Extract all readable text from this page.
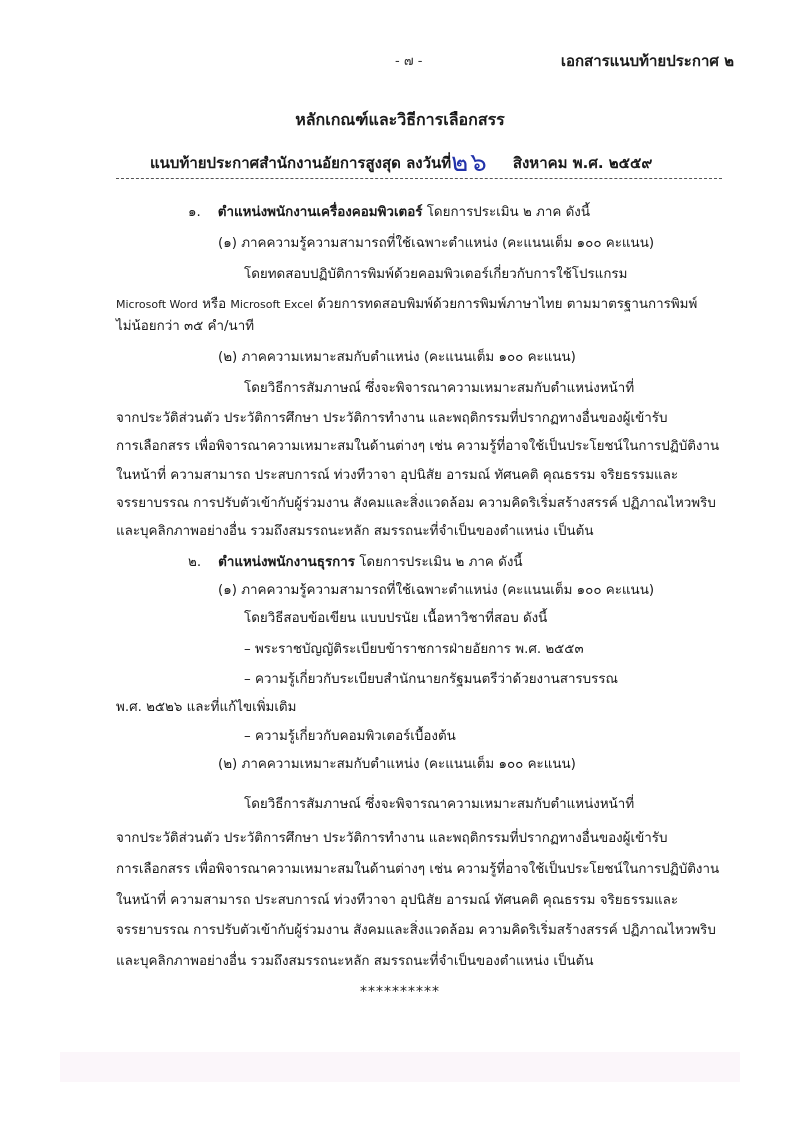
- ๗ -	เอกสารแนบท้ายประกาศ ๒
หลักเกณฑ์และวิธีการเลือกสรร
แนบท้ายประกาศสำนักงานอัยการสูงสุด ลงวันที่๒๖ สิงหาคม พ.ศ. ๒๕๕๙
๑. ตำแหน่งพนักงานเครื่องคอมพิวเตอร์ โดยการประเมิน ๒ ภาค ดังนี้
(๑) ภาคความรู้ความสามารถที่ใช้เฉพาะตำแหน่ง (คะแนนเต็ม ๑๐๐ คะแนน)
โดยทดสอบปฏิบัติการพิมพ์ด้วยคอมพิวเตอร์เกี่ยวกับการใช้โปรแกรม
Microsoft Word หรือ Microsoft Excel ด้วยการทดสอบพิมพ์ด้วยการพิมพ์ภาษาไทย ตามมาตรฐานการพิมพ์
ไม่น้อยกว่า ๓๕ คำ/นาที
(๒) ภาคความเหมาะสมกับตำแหน่ง (คะแนนเต็ม ๑๐๐ คะแนน)
โดยวิธีการสัมภาษณ์ ซึ่งจะพิจารณาความเหมาะสมกับตำแหน่งหน้าที่
จากประวัติส่วนตัว ประวัติการศึกษา ประวัติการทำงาน และพฤติกรรมที่ปรากฏทางอื่นของผู้เข้ารับ
การเลือกสรร เพื่อพิจารณาความเหมาะสมในด้านต่างๆ เช่น ความรู้ที่อาจใช้เป็นประโยชน์ในการปฏิบัติงาน
ในหน้าที่ ความสามารถ ประสบการณ์ ท่วงทีวาจา อุปนิสัย อารมณ์ ทัศนคติ คุณธรรม จริยธรรมและ
จรรยาบรรณ การปรับตัวเข้ากับผู้ร่วมงาน สังคมและสิ่งแวดล้อม ความคิดริเริ่มสร้างสรรค์ ปฏิภาณไหวพริบ
และบุคลิกภาพอย่างอื่น รวมถึงสมรรถนะหลัก สมรรถนะที่จำเป็นของตำแหน่ง เป็นต้น
๒. ตำแหน่งพนักงานธุรการ โดยการประเมิน ๒ ภาค ดังนี้
(๑) ภาคความรู้ความสามารถที่ใช้เฉพาะตำแหน่ง (คะแนนเต็ม ๑๐๐ คะแนน)
โดยวิธีสอบข้อเขียน แบบปรนัย เนื้อหาวิชาที่สอบ ดังนี้
– พระราชบัญญัติระเบียบข้าราชการฝ่ายอัยการ พ.ศ. ๒๕๕๓
– ความรู้เกี่ยวกับระเบียบสำนักนายกรัฐมนตรีว่าด้วยงานสารบรรณ
พ.ศ. ๒๕๒๖ และที่แก้ไขเพิ่มเติม
– ความรู้เกี่ยวกับคอมพิวเตอร์เบื้องต้น
(๒) ภาคความเหมาะสมกับตำแหน่ง (คะแนนเต็ม ๑๐๐ คะแนน)
โดยวิธีการสัมภาษณ์ ซึ่งจะพิจารณาความเหมาะสมกับตำแหน่งหน้าที่
จากประวัติส่วนตัว ประวัติการศึกษา ประวัติการทำงาน และพฤติกรรมที่ปรากฏทางอื่นของผู้เข้ารับ
การเลือกสรร เพื่อพิจารณาความเหมาะสมในด้านต่างๆ เช่น ความรู้ที่อาจใช้เป็นประโยชน์ในการปฏิบัติงาน
ในหน้าที่ ความสามารถ ประสบการณ์ ท่วงทีวาจา อุปนิสัย อารมณ์ ทัศนคติ คุณธรรม จริยธรรมและ
จรรยาบรรณ การปรับตัวเข้ากับผู้ร่วมงาน สังคมและสิ่งแวดล้อม ความคิดริเริ่มสร้างสรรค์ ปฏิภาณไหวพริบ
และบุคลิกภาพอย่างอื่น รวมถึงสมรรถนะหลัก สมรรถนะที่จำเป็นของตำแหน่ง เป็นต้น
**********
